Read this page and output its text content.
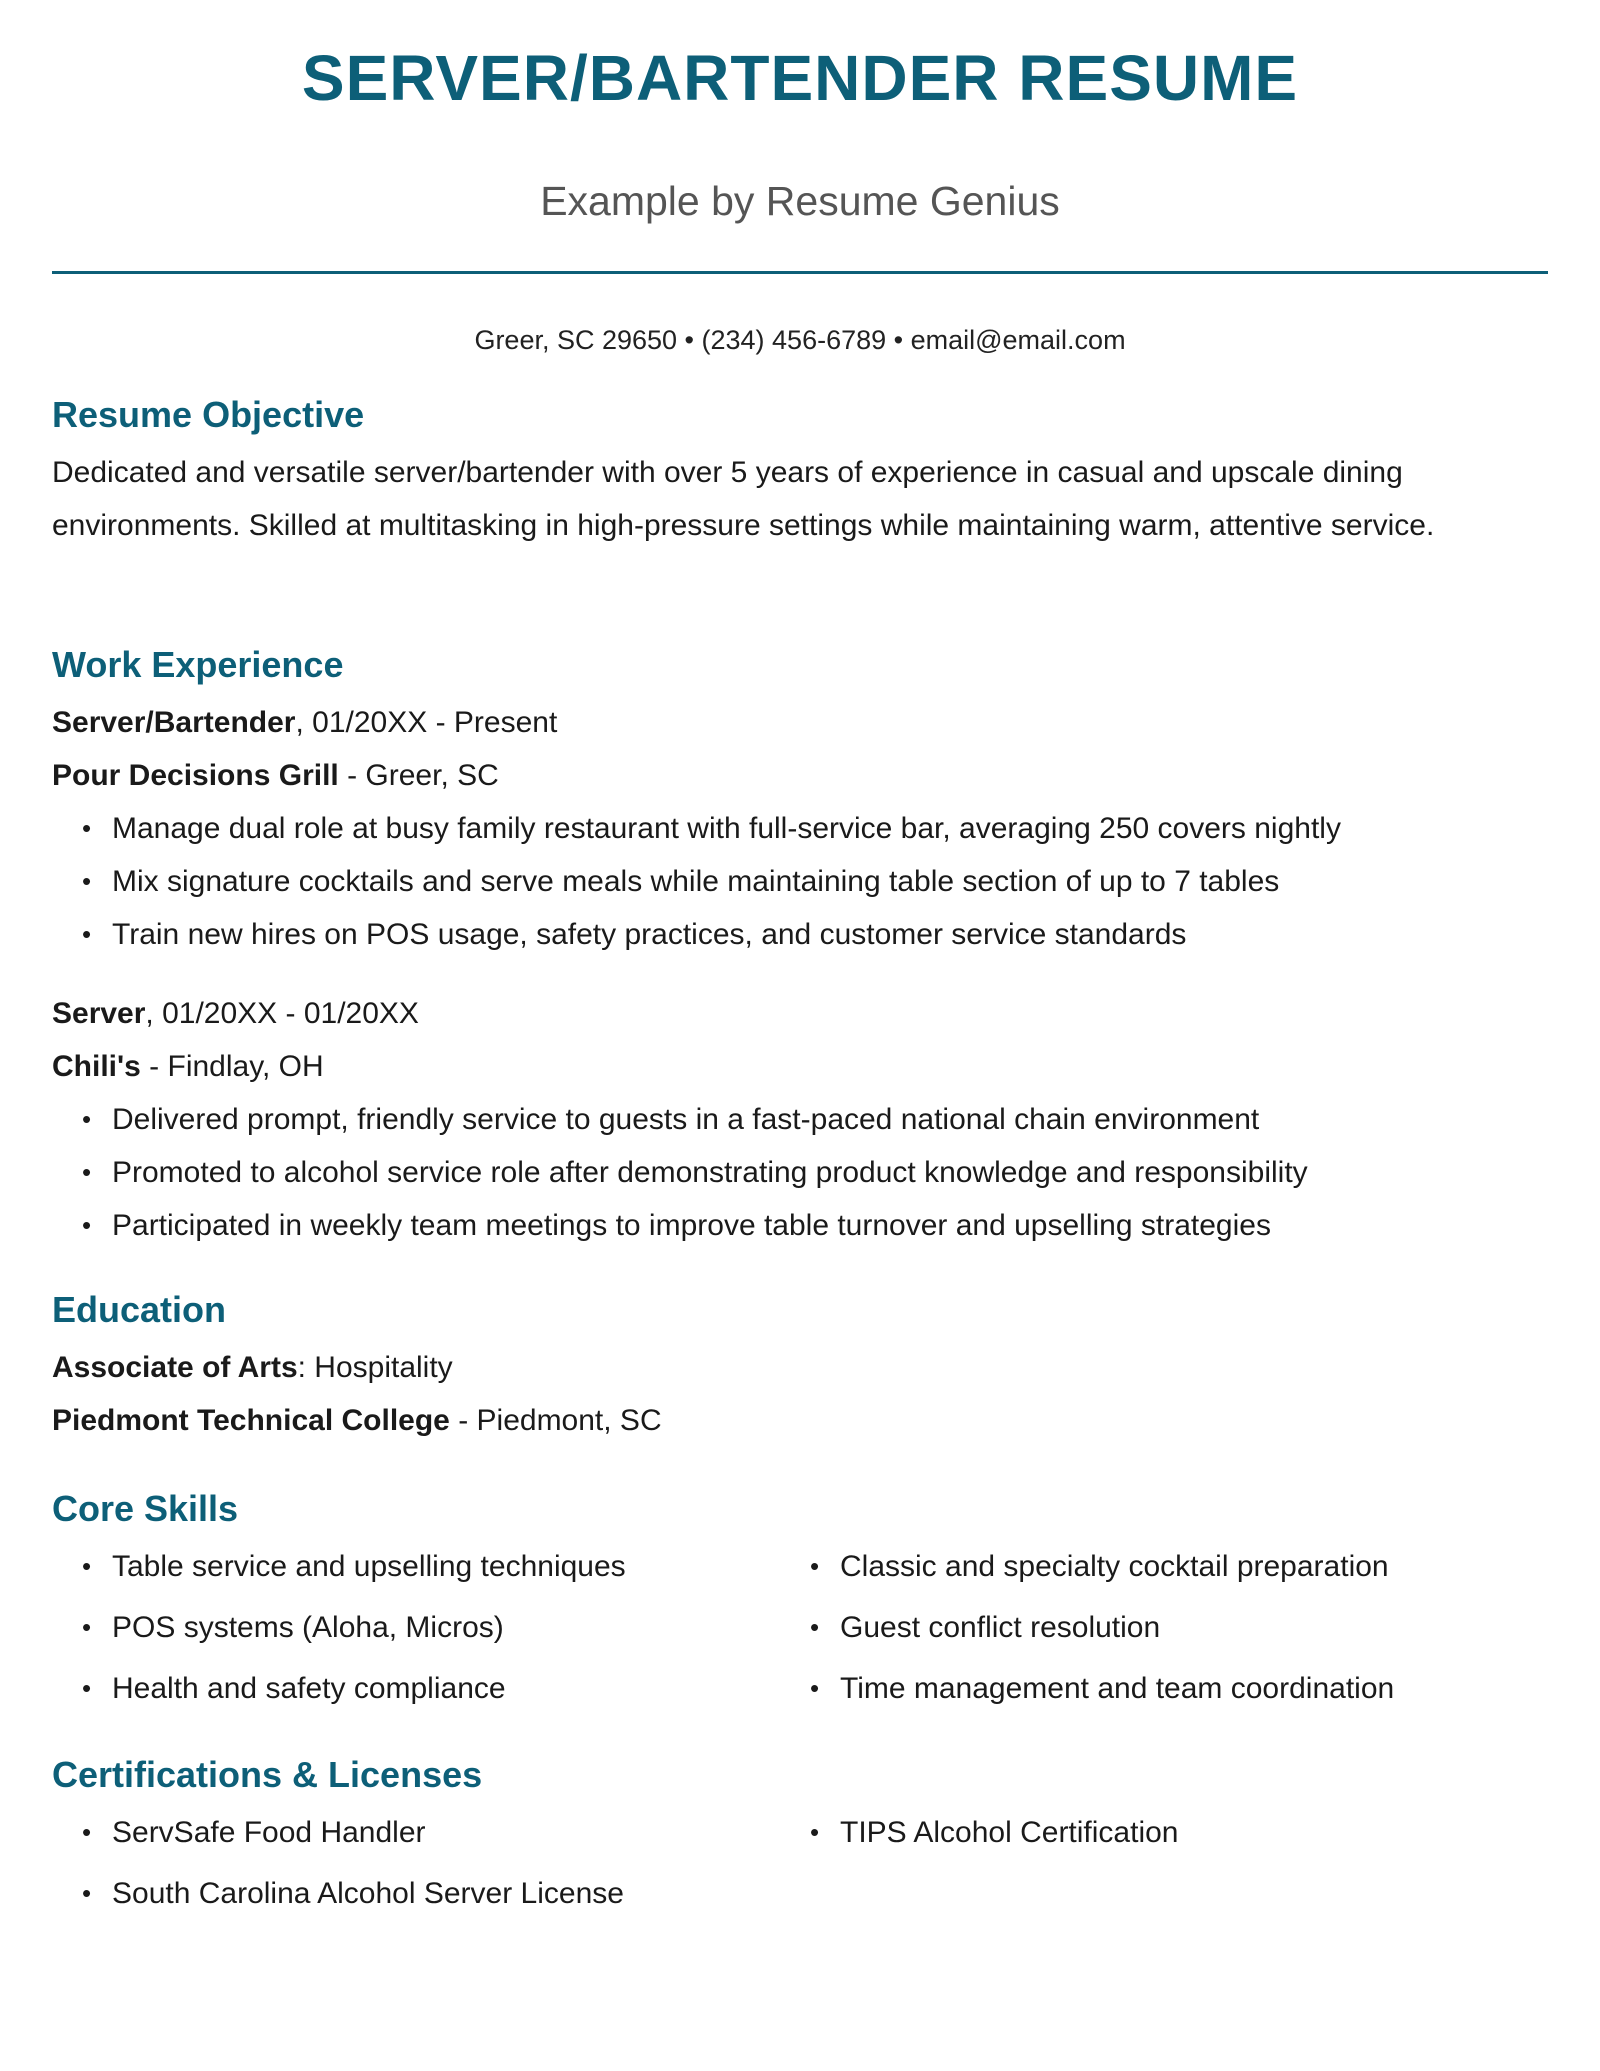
SERVER/BARTENDER RESUME
Example by Resume Genius
Greer, SC 29650 • (234) 456-6789 • email@email.com
Resume Objective

Dedicated and versatile server/bartender with over 5 years of experience in casual and upscale dining environments. Skilled at multitasking in high-pressure settings while maintaining warm, attentive service.

Work Experience

Server/Bartender, 01/20XX - Present

Pour Decisions Grill - Greer, SC

• Manage dual role at busy family restaurant with full-service bar, averaging 250 covers nightly
• Mix signature cocktails and serve meals while maintaining table section of up to 7 tables
• Train new hires on POS usage, safety practices, and customer service standards

Server, 01/20XX - 01/20XX

Chili's - Findlay, OH

• Delivered prompt, friendly service to guests in a fast-paced national chain environment
• Promoted to alcohol service role after demonstrating product knowledge and responsibility
• Participated in weekly team meetings to improve table turnover and upselling strategies
Education

Associate of Arts: Hospitality

Piedmont Technical College - Piedmont, SC

Core Skills
• Table service and upselling techniques	• Classic and specialty cocktail preparation
• POS systems (Aloha, Micros)	• Guest conflict resolution
• Health and safety compliance	• Time management and team coordination
Certifications & Licenses
• ServSafe Food Handler	• TIPS Alcohol Certification
• South Carolina Alcohol Server License
